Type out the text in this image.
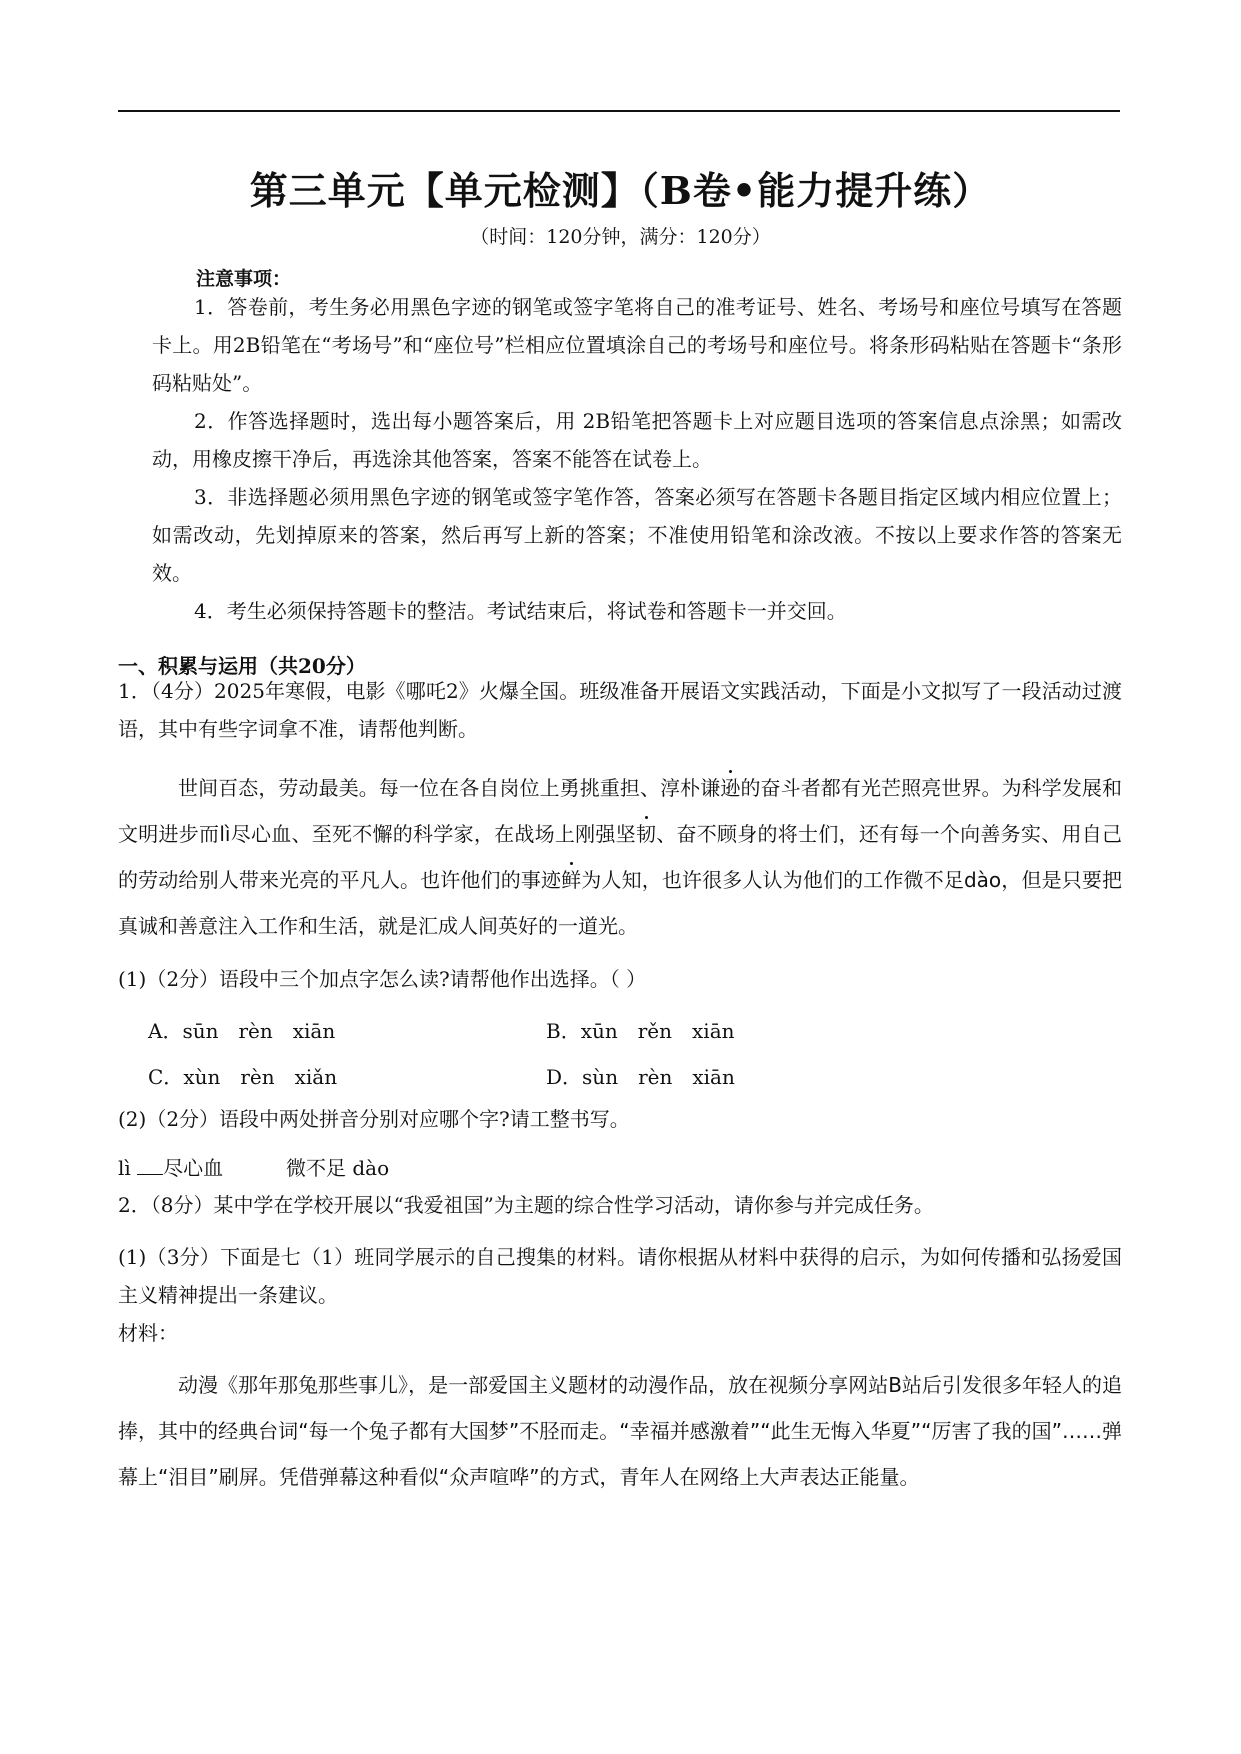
第三单元【单元检测】（B卷•能力提升练）
（时间：120分钟，满分：120分）
注意事项：
1．答卷前，考生务必用黑色字迹的钢笔或签字笔将自己的准考证号、姓名、考场号和座位号填写在答题卡上。用2B铅笔在“考场号”和“座位号”栏相应位置填涂自己的考场号和座位号。将条形码粘贴在答题卡“条形码粘贴处”。
2．作答选择题时，选出每小题答案后，用 2B铅笔把答题卡上对应题目选项的答案信息点涂黑；如需改动，用橡皮擦干净后，再选涂其他答案，答案不能答在试卷上。
3．非选择题必须用黑色字迹的钢笔或签字笔作答，答案必须写在答题卡各题目指定区域内相应位置上；如需改动，先划掉原来的答案，然后再写上新的答案；不准使用铅笔和涂改液。不按以上要求作答的答案无效。
4．考生必须保持答题卡的整洁。考试结束后，将试卷和答题卡一并交回。
一、积累与运用（共20分）
1．（4分）2025年寒假，电影《哪吒2》火爆全国。班级准备开展语文实践活动，下面是小文拟写了一段活动过渡语，其中有些字词拿不准，请帮他判断。
世间百态，劳动最美。每一位在各自岗位上勇挑重担、淳朴谦逊的奋斗者都有光芒照亮世界。为科学发展和文明进步而lì尽心血、至死不懈的科学家，在战场上刚强坚韧、奋不顾身的将士们，还有每一个向善务实、用自己的劳动给别人带来光亮的平凡人。也许他们的事迹鲜为人知，也许很多人认为他们的工作微不足dào，但是只要把真诚和善意注入工作和生活，就是汇成人间英好的一道光。
(1)（2分）语段中三个加点字怎么读?请帮他作出选择。（ ）
A．sūn　rèn　xiān	B．xūn　rěn　xiān
C．xùn　rèn　xiǎn	D．sùn　rèn　xiān
(2)（2分）语段中两处拼音分别对应哪个字?请工整书写。
lì 尽心血	微不足 dào
2．（8分）某中学在学校开展以“我爱祖国”为主题的综合性学习活动，请你参与并完成任务。
(1)（3分）下面是七（1）班同学展示的自己搜集的材料。请你根据从材料中获得的启示，为如何传播和弘扬爱国主义精神提出一条建议。
材料：
动漫《那年那兔那些事儿》，是一部爱国主义题材的动漫作品，放在视频分享网站B站后引发很多年轻人的追捧，其中的经典台词“每一个兔子都有大国梦”不胫而走。“幸福并感激着”“此生无悔入华夏”“厉害了我的国”……弹幕上“泪目”刷屏。凭借弹幕这种看似“众声喧哗”的方式，青年人在网络上大声表达正能量。
